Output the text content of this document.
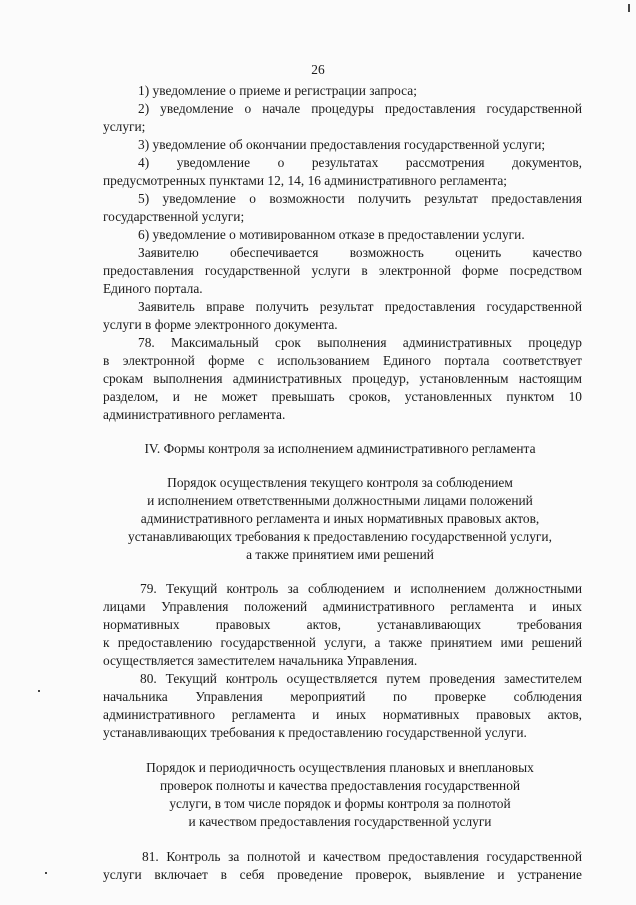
26
1) уведомление о приеме и регистрации запроса;
2) уведомление о начале процедуры предоставления государственной
услуги;
3) уведомление об окончании предоставления государственной услуги;
4) уведомление о результатах рассмотрения документов,
предусмотренных пунктами 12, 14, 16 административного регламента;
5) уведомление о возможности получить результат предоставления
государственной услуги;
6) уведомление о мотивированном отказе в предоставлении услуги.
Заявителю обеспечивается возможность оценить качество
предоставления государственной услуги в электронной форме посредством
Единого портала.
Заявитель вправе получить результат предоставления государственной
услуги в форме электронного документа.
78. Максимальный срок выполнения административных процедур
в электронной форме с использованием Единого портала соответствует
срокам выполнения административных процедур, установленным настоящим
разделом, и не может превышать сроков, установленных пунктом 10
административного регламента.
IV. Формы контроля за исполнением административного регламента
Порядок осуществления текущего контроля за соблюдением
и исполнением ответственными должностными лицами положений
административного регламента и иных нормативных правовых актов,
устанавливающих требования к предоставлению государственной услуги,
а также принятием ими решений
79. Текущий контроль за соблюдением и исполнением должностными
лицами Управления положений административного регламента и иных
нормативных правовых актов, устанавливающих требования
к предоставлению государственной услуги, а также принятием ими решений
осуществляется заместителем начальника Управления.
80. Текущий контроль осуществляется путем проведения заместителем
начальника Управления мероприятий по проверке соблюдения
административного регламента и иных нормативных правовых актов,
устанавливающих требования к предоставлению государственной услуги.
Порядок и периодичность осуществления плановых и внеплановых
проверок полноты и качества предоставления государственной
услуги, в том числе порядок и формы контроля за полнотой
и качеством предоставления государственной услуги
81. Контроль за полнотой и качеством предоставления государственной
услуги включает в себя проведение проверок, выявление и устранение
